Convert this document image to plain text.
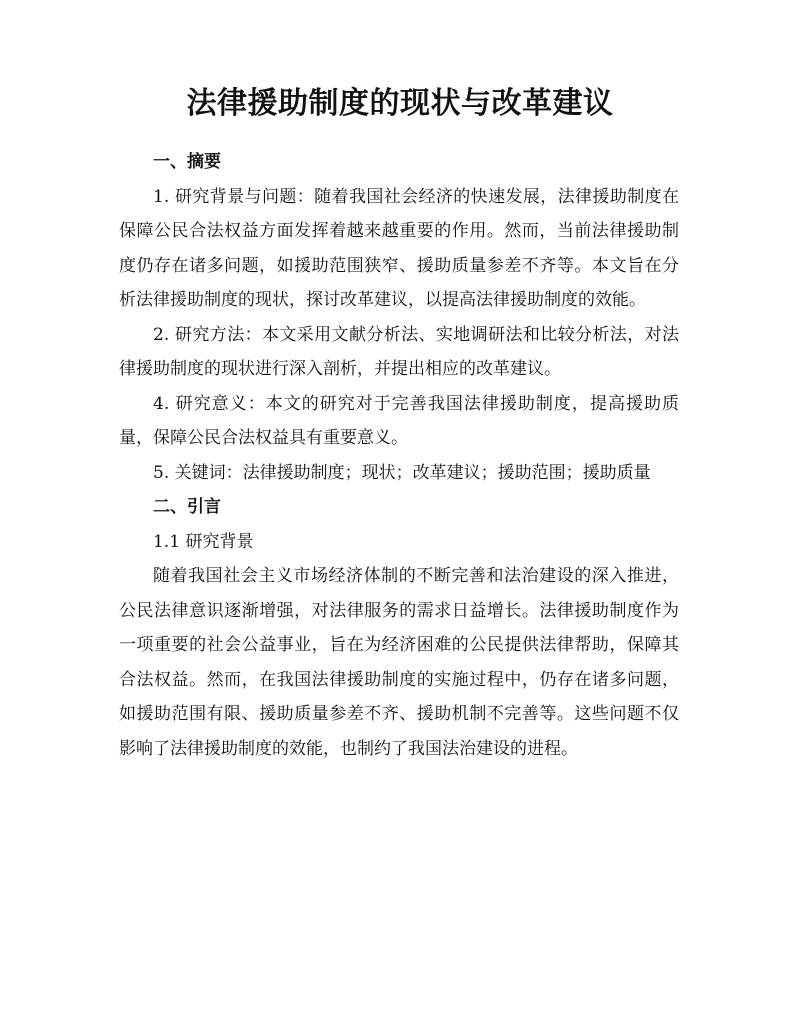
法律援助制度的现状与改革建议
一、摘要

1. 研究背景与问题：随着我国社会经济的快速发展，法律援助制度在保障公民合法权益方面发挥着越来越重要的作用。然而，当前法律援助制度仍存在诸多问题，如援助范围狭窄、援助质量参差不齐等。本文旨在分析法律援助制度的现状，探讨改革建议，以提高法律援助制度的效能。

2. 研究方法：本文采用文献分析法、实地调研法和比较分析法，对法律援助制度的现状进行深入剖析，并提出相应的改革建议。

4. 研究意义：本文的研究对于完善我国法律援助制度，提高援助质量，保障公民合法权益具有重要意义。

5. 关键词：法律援助制度；现状；改革建议；援助范围；援助质量

二、引言
1.1 研究背景

随着我国社会主义市场经济体制的不断完善和法治建设的深入推进，公民法律意识逐渐增强，对法律服务的需求日益增长。法律援助制度作为一项重要的社会公益事业，旨在为经济困难的公民提供法律帮助，保障其合法权益。然而，在我国法律援助制度的实施过程中，仍存在诸多问题，如援助范围有限、援助质量参差不齐、援助机制不完善等。这些问题不仅影响了法律援助制度的效能，也制约了我国法治建设的进程。
